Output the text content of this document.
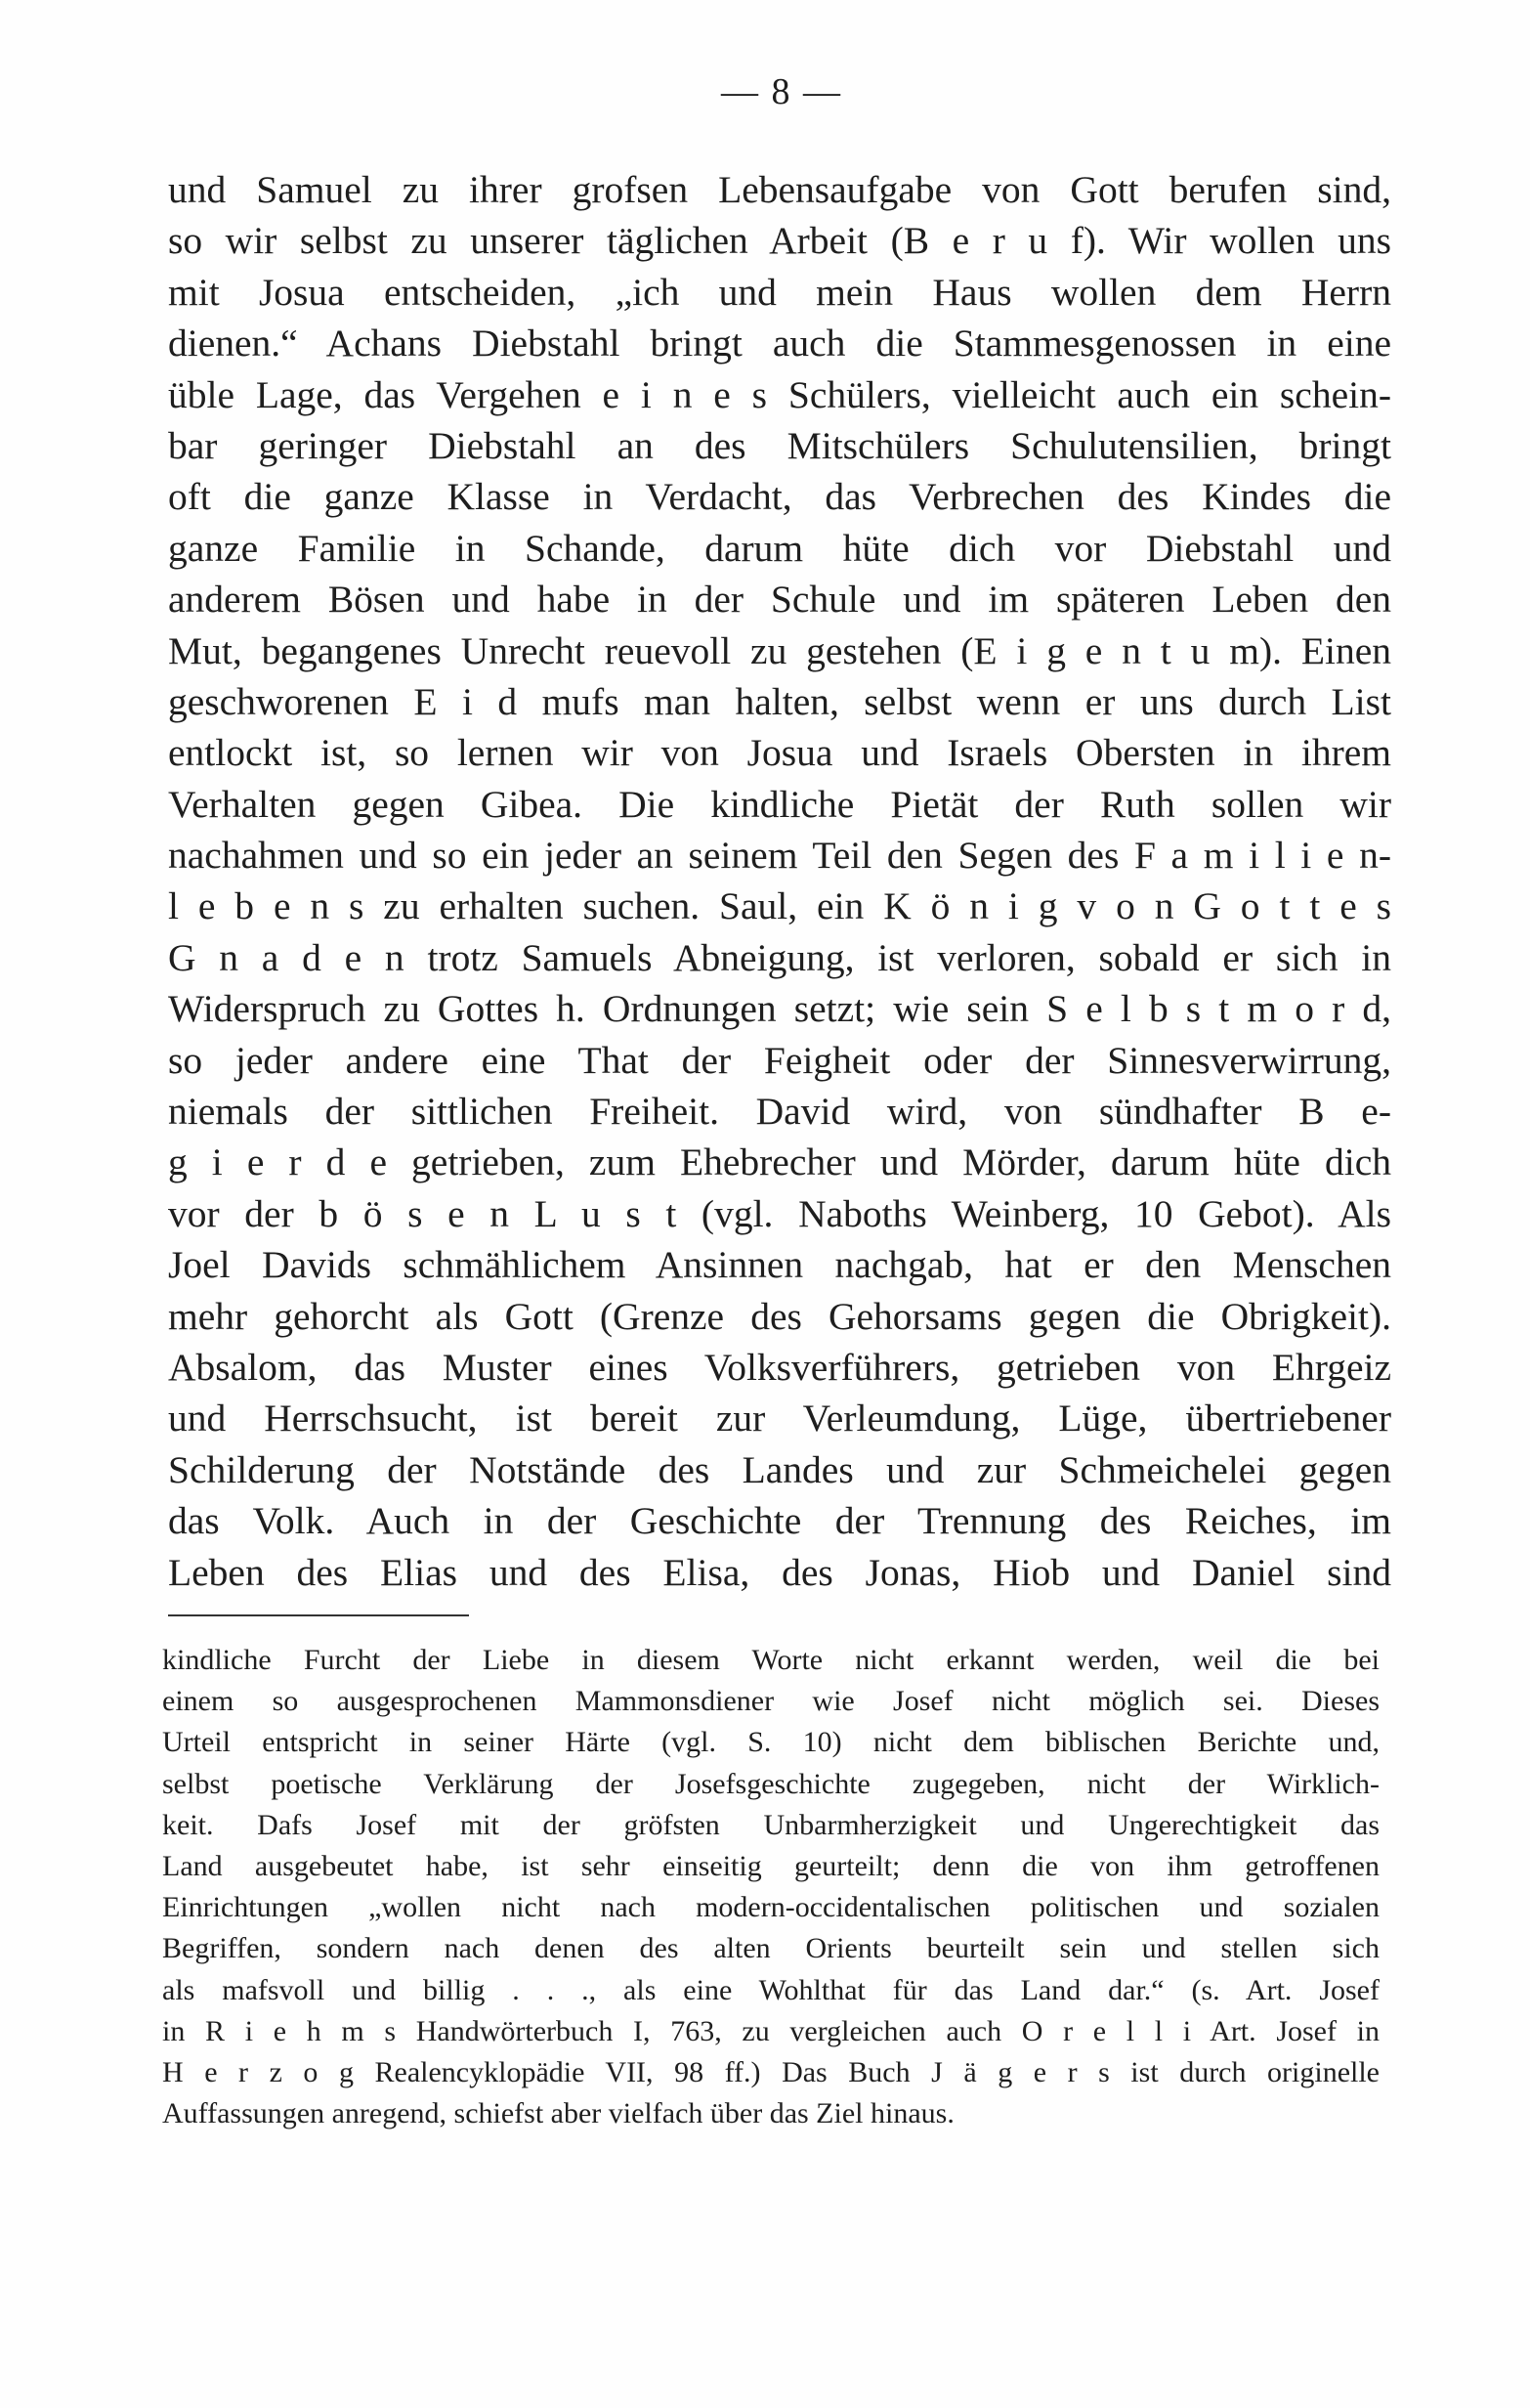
— 8 —
und Samuel zu ihrer grofsen Lebensaufgabe von Gott berufen sind,
so wir selbst zu unserer täglichen Arbeit (B e r u f). Wir wollen uns
mit Josua entscheiden, „ich und mein Haus wollen dem Herrn
dienen.“ Achans Diebstahl bringt auch die Stammesgenossen in eine
üble Lage, das Vergehen e i n e s Schülers, vielleicht auch ein schein-
bar geringer Diebstahl an des Mitschülers Schulutensilien, bringt
oft die ganze Klasse in Verdacht, das Verbrechen des Kindes die
ganze Familie in Schande, darum hüte dich vor Diebstahl und
anderem Bösen und habe in der Schule und im späteren Leben den
Mut, begangenes Unrecht reuevoll zu gestehen (E i g e n t u m). Einen
geschworenen E i d mufs man halten, selbst wenn er uns durch List
entlockt ist, so lernen wir von Josua und Israels Obersten in ihrem
Verhalten gegen Gibea. Die kindliche Pietät der Ruth sollen wir
nachahmen und so ein jeder an seinem Teil den Segen des F a m i l i e n-
l e b e n s zu erhalten suchen. Saul, ein K ö n i g v o n G o t t e s
G n a d e n trotz Samuels Abneigung, ist verloren, sobald er sich in
Widerspruch zu Gottes h. Ordnungen setzt; wie sein S e l b s t m o r d,
so jeder andere eine That der Feigheit oder der Sinnesverwirrung,
niemals der sittlichen Freiheit. David wird, von sündhafter B e-
g i e r d e getrieben, zum Ehebrecher und Mörder, darum hüte dich
vor der b ö s e n L u s t (vgl. Naboths Weinberg, 10 Gebot). Als
Joel Davids schmählichem Ansinnen nachgab, hat er den Menschen
mehr gehorcht als Gott (Grenze des Gehorsams gegen die Obrigkeit).
Absalom, das Muster eines Volksverführers, getrieben von Ehrgeiz
und Herrschsucht, ist bereit zur Verleumdung, Lüge, übertriebener
Schilderung der Notstände des Landes und zur Schmeichelei gegen
das Volk. Auch in der Geschichte der Trennung des Reiches, im
Leben des Elias und des Elisa, des Jonas, Hiob und Daniel sind
kindliche Furcht der Liebe in diesem Worte nicht erkannt werden, weil die bei
einem so ausgesprochenen Mammonsdiener wie Josef nicht möglich sei. Dieses
Urteil entspricht in seiner Härte (vgl. S. 10) nicht dem biblischen Berichte und,
selbst poetische Verklärung der Josefsgeschichte zugegeben, nicht der Wirklich-
keit. Dafs Josef mit der gröfsten Unbarmherzigkeit und Ungerechtigkeit das
Land ausgebeutet habe, ist sehr einseitig geurteilt; denn die von ihm getroffenen
Einrichtungen „wollen nicht nach modern-occidentalischen politischen und sozialen
Begriffen, sondern nach denen des alten Orients beurteilt sein und stellen sich
als mafsvoll und billig . . ., als eine Wohlthat für das Land dar.“ (s. Art. Josef
in R i e h m s Handwörterbuch I, 763, zu vergleichen auch O r e l l i Art. Josef in
H e r z o g Realencyklopädie VII, 98 ff.) Das Buch J ä g e r s ist durch originelle
Auffassungen anregend, schiefst aber vielfach über das Ziel hinaus.
